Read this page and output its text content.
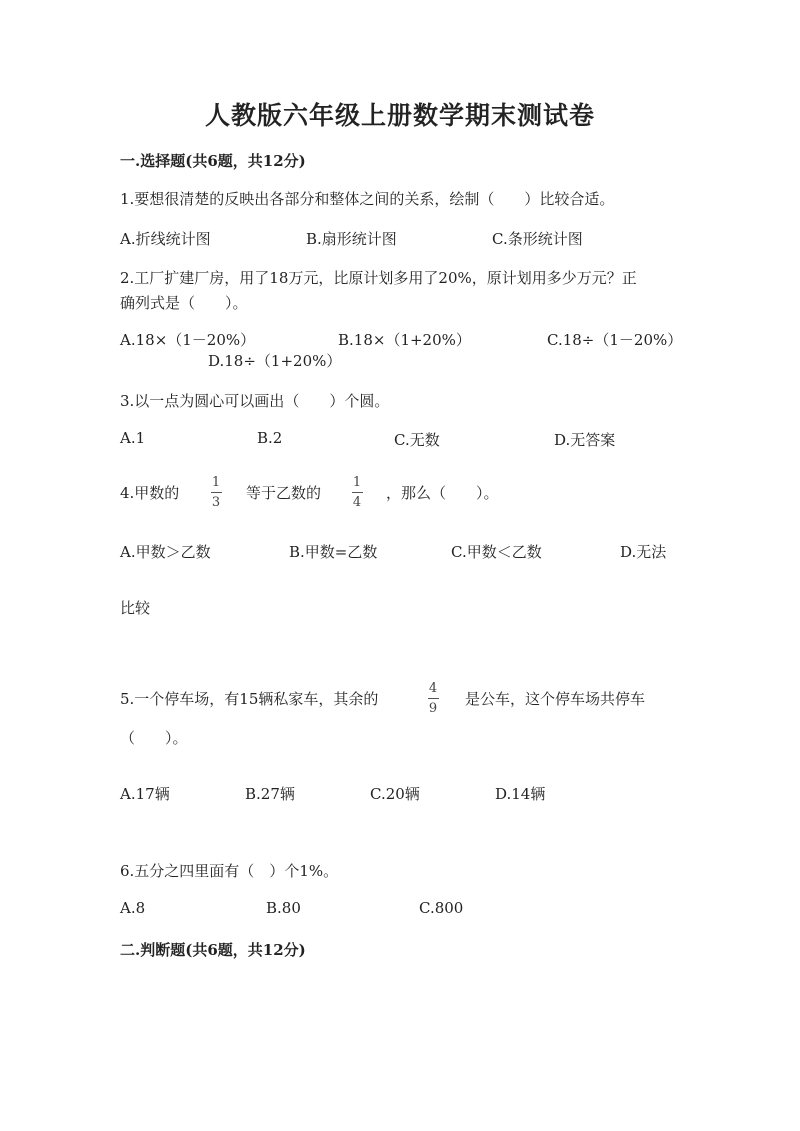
人教版六年级上册数学期末测试卷
一.选择题(共6题，共12分)
1.要想很清楚的反映出各部分和整体之间的关系，绘制（　　）比较合适。
A.折线统计图	B.扇形统计图	C.条形统计图
2.工厂扩建厂房，用了18万元，比原计划多用了20%，原计划用多少万元？正
确列式是（　　）。
A.18×（1－20%）	B.18×（1+20%）	C.18÷（1－20%）
D.18÷（1+20%）
3.以一点为圆心可以画出（　　）个圆。
A.1	B.2	C.无数	D.无答案
4.甲数的
1
3
等于乙数的
1
4
，那么（　　）。
A.甲数＞乙数	B.甲数=乙数	C.甲数＜乙数	D.无法
比较
5.一个停车场，有15辆私家车，其余的
4
9
是公车，这个停车场共停车
（　　）。
A.17辆	B.27辆	C.20辆	D.14辆
6.五分之四里面有（　）个1%。
A.8	B.80	C.800
二.判断题(共6题，共12分)
